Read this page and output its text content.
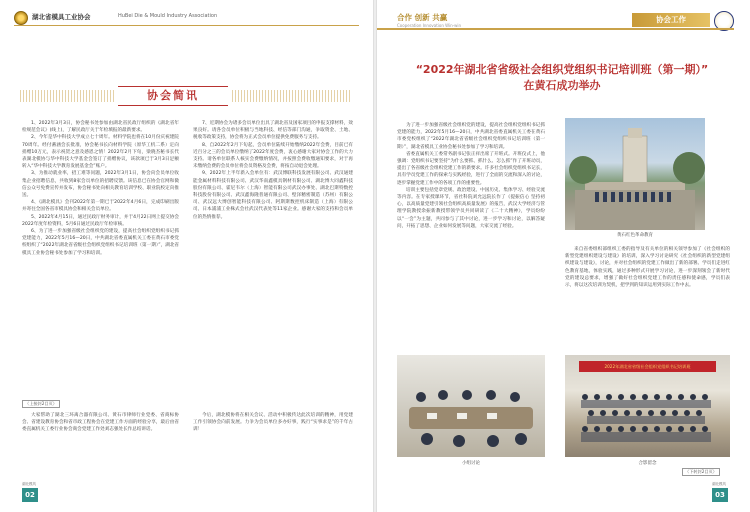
湖北省模具工业协会	HuBei Die & Mould Industry Association
协会简讯

1、2022年3月3日，协会秘书处参加由湖北省民政厅组织的《湖北省年检规范会议》(线上)，了解民政厅关于年检填报的最新要求。

2、今年是华中科技大学成立七十周年。材料学院也将在10月份庆祝建院70周年。经付蕃涵会长批准，协会秘书长向材料学院（原华工机二系）定向捐赠10万元，表示祝贺之意及感恩之情！2022年2月下旬，梁晓杰秘书长代表湖北模协与华中科技大学基金会签订了捐赠协议，该款项已于3月3日足额转入“华中科技大学教育发展基金会”账户。

3、为推动就业率，招工难等问题，2022年3月1日，协会向会员单位收集企业招聘信息，共收到8家会员单位的招聘反馈。该信息已在协会官网和微信公众号免费宣传并发布，协会秘书处向相关教育培训学校、职业院校定向推送。

4、《湖北模具》会刊2022年第一期已于2022年4月6日，完成印刷出版并寄往全国各省市模具协会和相关会员单位。

5、2022年4月15日，通过民政厅财务审计，并于4月22日网上提交协会2022年度年检资料，5月6日通过民政厅年检审核。

6、为了进一步加强省级社会组织党的建设，提高社会组织党组织书记抓党建能力，2022年5月16—20日，中共湖北省委直属机关工委在黄石市委党校组织了“2022年湖北省省级社会组织党组织书记培训班（第一期）”，湖北省模具工业协会秘书处参加了学习和培训。

7、近期协会为诸多会员单位出具了湖北省及国家项目的申报支撑材料，效果良好。请各会员单位积极与当地科技、经信等部门沟通，争取资金、土地、税收等政策支持，协会将为正式会员单位提供免费服务与支持。

8、自2022年2月下旬起，会员单位陆续开始缴纳2022年会费，目前已有近百分之三的会员单位缴纳了2022年度会费，衷心感谢大家对协会工作的大力支持。请各单位联系人核实会费缴纳情况，并按照会费收缴通知要求，对于再未缴纳会费的会员单位将会员资格及会费，将按自动退会处理。

9、2022年上半年新入会单位有：武汉博联科技发展有限公司、武汉通建能金属材料科技有限公司、武汉华南鑫模具钢材有限公司、湖北博大同鑫科技股份有限公司、霍尼韦尔（上海）智能有限公司武汉办事处、湖北巴斯特数控科技股份有限公司、武汉鑫海隆普通有限公司、壁泽精密制造（苏州）有限公司、武汉远大博创智能科技有限公司、阿斯斯数控机床制造（上海）有限公司、日本浦浦工业株式会社武汉代表处等11家企业。感谢大家的支持和会员单位的热情推荐。

（上接封2目页）

大家帮助了湖北三环离合器有限公司、黄石市律师行业党委、省商标协会、省建设教育协会和省市政工程协会在党建工作方面的经验分享，最后由省委直属机关工委行业协会商会党建工作处刘志强处长作总结讲话。

今后，湖北模协将在相关会议、活动中积极传达此次培训的精神，用党建工作引领协会向前发展。力争为会员单位多办好事，践行“实事求是”的千年古训！

湖北模具
02
合作 创新 共赢
Cooperation Innovation Win-win
协会工作
“2022年湖北省省级社会组织党组织书记培训班（第一期）”
在黄石成功举办

为了进一步加强省级社会组织党的建设，提高社会组织党组织书记抓党建的能力，2022年5月16—20日，中共湖北省委直属机关工委在黄石市委党校组织了“2022年湖北省省级社会组织党组织书记培训班（第一期）”，湖北省模具工业协会秘书处参加了学习和培训。

省委直属机关工委常务副书记张正祥出席了开班式。开班仪式上，他强调：党组织书记要坚持“为什么要抓、抓什么、怎么抓”作了开班动员，提出了各省级社会组织党建工作的新要求。许多社会组织党组织书记长，具有学员党建工作的探索与实践经验，进行了全面的交流和深入的讨论，逐步掌握党建工作中的各项工作的重要性。

培训主要包括党章党规、政治建设、中国历史、集体学习、经验交流等内容。在专家授课环节，省社科院刘允远院长作了《提振信心 坚持初心，以高质量党建引领社会组织高质量发展》的报告，武汉大学经济与管理学院教授余振新教授带领学员共同研读了《二十大精神》，学员纷纷以“一会”为主题，共同参与了其中讨论，进一步学习和讨论，以解答疑问，开拓了思想、企业如何发展等问题，大家交流了经验。

黄石红色革命教育

来自省委组织部组织工委的指导及有关单位的相关领导参加了《社会组织的新型党建组织建设与建设》的培训，深入学习讨论研究《社会组织的新型党建组织建设与建设》，讨论，并对社会组织的党建工作做出了新的部署。学员们走进红色教育基地，体验实践，通过多种形式开展学习讨论，进一步深刻领会了新时代党的建设总要求，增强了做好社会组织党建工作的责任感和使命感，学员们表示，将以这次培训为契机，把学到的知识运用到实际工作中去。

2022年湖北省省级社会组织党组织书记培训班
合影留念
小组讨论
（下转封2目页）
湖北模具
03
